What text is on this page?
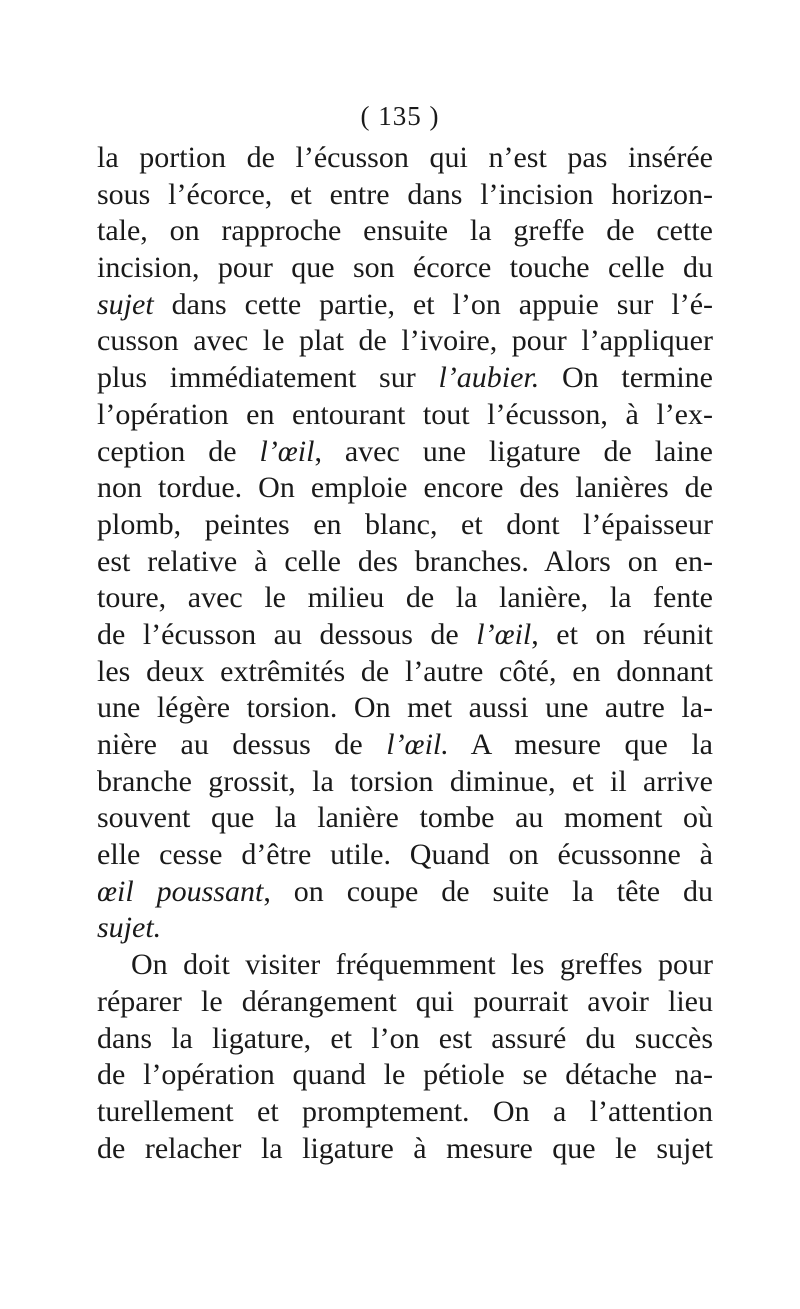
( 135 )
la portion de l’écusson qui n’est pas insérée
sous l’écorce, et entre dans l’incision horizon-
tale, on rapproche ensuite la greffe de cette
incision, pour que son écorce touche celle du
sujet dans cette partie, et l’on appuie sur l’é-
cusson avec le plat de l’ivoire, pour l’appliquer
plus immédiatement sur l’aubier. On termine
l’opération en entourant tout l’écusson, à l’ex-
ception de l’œil, avec une ligature de laine
non tordue. On emploie encore des lanières de
plomb, peintes en blanc, et dont l’épaisseur
est relative à celle des branches. Alors on en-
toure, avec le milieu de la lanière, la fente
de l’écusson au dessous de l’œil, et on réunit
les deux extrêmités de l’autre côté, en donnant
une légère torsion. On met aussi une autre la-
nière au dessus de l’œil. A mesure que la
branche grossit, la torsion diminue, et il arrive
souvent que la lanière tombe au moment où
elle cesse d’être utile. Quand on écussonne à
œil poussant, on coupe de suite la tête du
sujet.
On doit visiter fréquemment les greffes pour
réparer le dérangement qui pourrait avoir lieu
dans la ligature, et l’on est assuré du succès
de l’opération quand le pétiole se détache na-
turellement et promptement. On a l’attention
de relacher la ligature à mesure que le sujet
